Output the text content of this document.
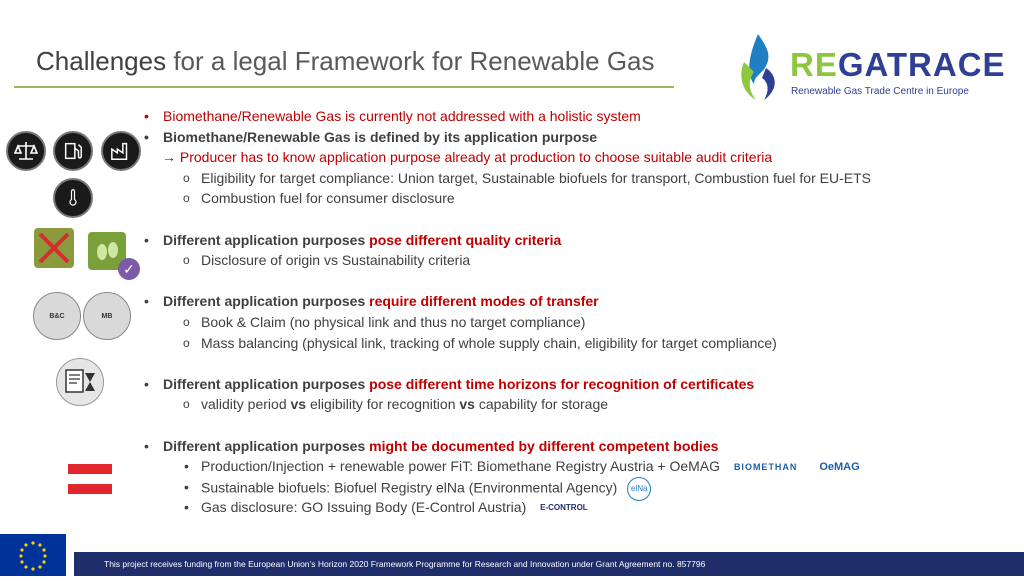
Challenges for a legal Framework for Renewable Gas	REGATRACE
Renewable Gas Trade Centre in Europe
✓
B&C	MB
• Biomethane/Renewable Gas is currently not addressed with a holistic system
• Biomethane/Renewable Gas is defined by its application purpose
→ Producer has to know application purpose already at production to choose suitable audit criteria
o Eligibility for target compliance: Union target, Sustainable biofuels for transport, Combustion fuel for EU-ETS
o Combustion fuel for consumer disclosure
• Different application purposes pose different quality criteria
o Disclosure of origin vs Sustainability criteria
• Different application purposes require different modes of transfer
o Book & Claim (no physical link and thus no target compliance)
o Mass balancing (physical link, tracking of whole supply chain, eligibility for target compliance)
• Different application purposes pose different time horizons for recognition of certificates
o validity period vs eligibility for recognition vs capability for storage
• Different application purposes might be documented by different competent bodies
• Production/Injection + renewable power FiT: Biomethane Registry Austria + OeMAG BIOMETHAN OeMAG
• Sustainable biofuels: Biofuel Registry elNa (Environmental Agency) elNa
• Gas disclosure: GO Issuing Body (E-Control Austria) E-CONTROL
This project receives funding from the European Union’s Horizon 2020 Framework Programme for Research and Innovation under Grant Agreement no. 857796
